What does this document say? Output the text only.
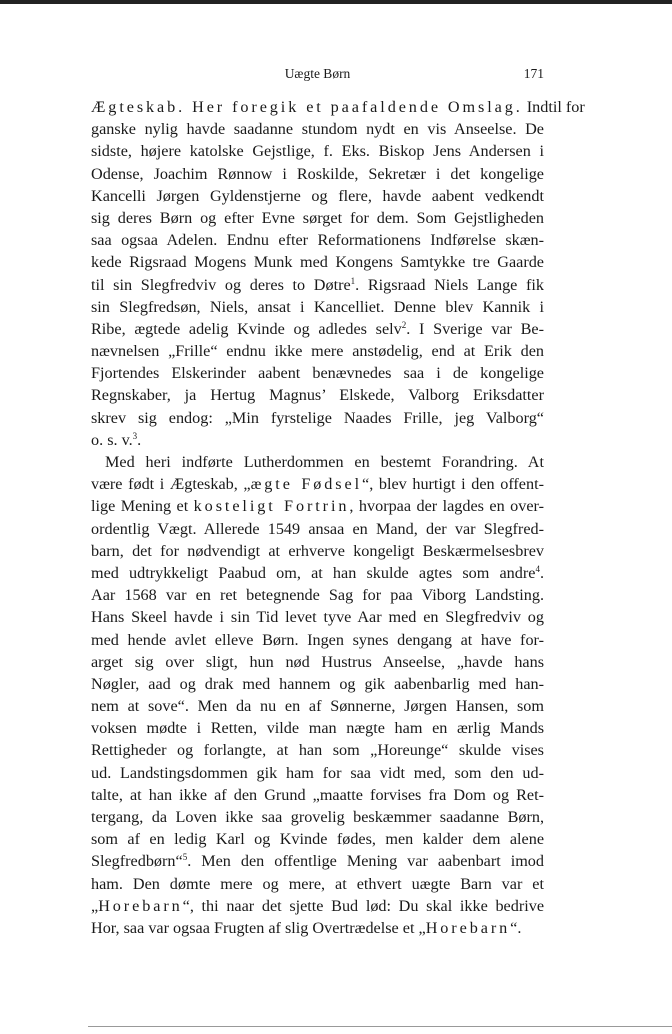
Uægte Børn	171
Ægteskab. Her foregik et paafaldende Omslag. Indtil for
ganske nylig havde saadanne stundom nydt en vis Anseelse. De
sidste, højere katolske Gejstlige, f. Eks. Biskop Jens Andersen i
Odense, Joachim Rønnow i Roskilde, Sekretær i det kongelige
Kancelli Jørgen Gyldenstjerne og flere, havde aabent vedkendt
sig deres Børn og efter Evne sørget for dem. Som Gejstligheden
saa ogsaa Adelen. Endnu efter Reformationens Indførelse skæn-
kede Rigsraad Mogens Munk med Kongens Samtykke tre Gaarde
til sin Slegfredviv og deres to Døtre$^1$. Rigsraad Niels Lange fik
sin Slegfredsøn, Niels, ansat i Kancelliet. Denne blev Kannik i
Ribe, ægtede adelig Kvinde og adledes selv$^2$. I Sverige var Be-
nævnelsen „Frille“ endnu ikke mere anstødelig, end at Erik den
Fjortendes Elskerinder aabent benævnedes saa i de kongelige
Regnskaber, ja Hertug Magnus’ Elskede, Valborg Eriksdatter
skrev sig endog: „Min fyrstelige Naades Frille, jeg Valborg“
o. s. v.$^3$.
Med heri indførte Lutherdommen en bestemt Forandring. At
være født i Ægteskab, „ægte Fødsel“, blev hurtigt i den offent-
lige Mening et kosteligt Fortrin, hvorpaa der lagdes en over-
ordentlig Vægt. Allerede 1549 ansaa en Mand, der var Slegfred-
barn, det for nødvendigt at erhverve kongeligt Beskærmelsesbrev
med udtrykkeligt Paabud om, at han skulde agtes som andre$^4$.
Aar 1568 var en ret betegnende Sag for paa Viborg Landsting.
Hans Skeel havde i sin Tid levet tyve Aar med en Slegfredviv og
med hende avlet elleve Børn. Ingen synes dengang at have for-
arget sig over sligt, hun nød Hustrus Anseelse, „havde hans
Nøgler, aad og drak med hannem og gik aabenbarlig med han-
nem at sove“. Men da nu en af Sønnerne, Jørgen Hansen, som
voksen mødte i Retten, vilde man nægte ham en ærlig Mands
Rettigheder og forlangte, at han som „Horeunge“ skulde vises
ud. Landstingsdommen gik ham for saa vidt med, som den ud-
talte, at han ikke af den Grund „maatte forvises fra Dom og Ret-
tergang, da Loven ikke saa grovelig beskæmmer saadanne Børn,
som af en ledig Karl og Kvinde fødes, men kalder dem alene
Slegfredbørn“$^5$. Men den offentlige Mening var aabenbart imod
ham. Den dømte mere og mere, at ethvert uægte Barn var et
„Horebarn“, thi naar det sjette Bud lød: Du skal ikke bedrive
Hor, saa var ogsaa Frugten af slig Overtrædelse et „Horebarn“.
